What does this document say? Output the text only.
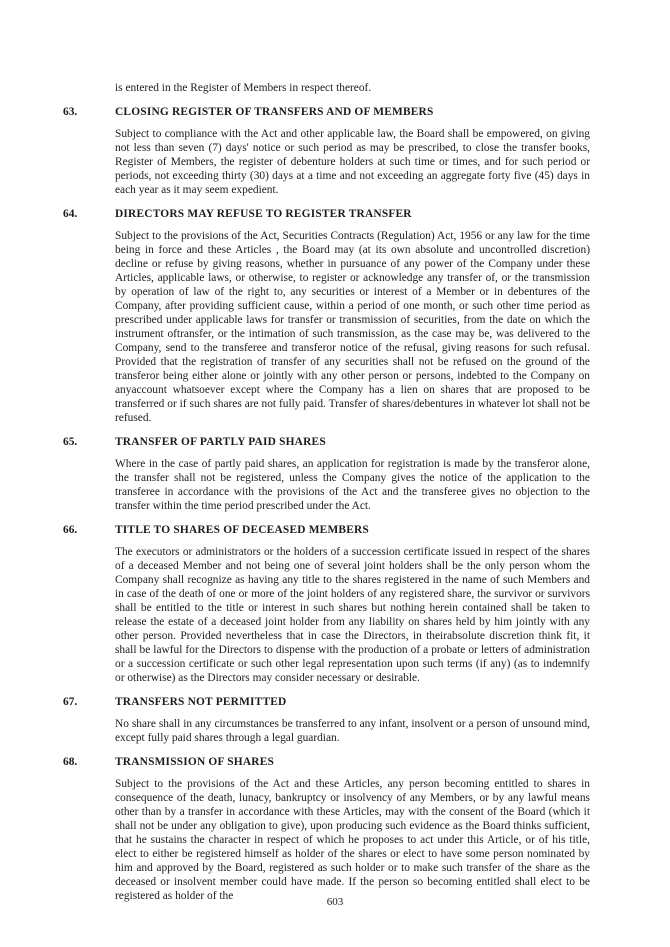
is entered in the Register of Members in respect thereof.

63.	CLOSING REGISTER OF TRANSFERS AND OF MEMBERS

Subject to compliance with the Act and other applicable law, the Board shall be empowered, on giving not less than seven (7) days' notice or such period as may be prescribed, to close the transfer books, Register of Members, the register of debenture holders at such time or times, and for such period or periods, not exceeding thirty (30) days at a time and not exceeding an aggregate forty five (45) days in each year as it may seem expedient.

64.	DIRECTORS MAY REFUSE TO REGISTER TRANSFER

Subject to the provisions of the Act, Securities Contracts (Regulation) Act, 1956 or any law for the time being in force and these Articles , the Board may (at its own absolute and uncontrolled discretion) decline or refuse by giving reasons, whether in pursuance of any power of the Company under these Articles, applicable laws, or otherwise, to register or acknowledge any transfer of, or the transmission by operation of law of the right to, any securities or interest of a Member or in debentures of the Company, after providing sufficient cause, within a period of one month, or such other time period as prescribed under applicable laws for transfer or transmission of securities, from the date on which the instrument oftransfer, or the intimation of such transmission, as the case may be, was delivered to the Company, send to the transferee and transferor notice of the refusal, giving reasons for such refusal. Provided that the registration of transfer of any securities shall not be refused on the ground of the transferor being either alone or jointly with any other person or persons, indebted to the Company on anyaccount whatsoever except where the Company has a lien on shares that are proposed to be transferred or if such shares are not fully paid. Transfer of shares/debentures in whatever lot shall not be refused.

65.	TRANSFER OF PARTLY PAID SHARES

Where in the case of partly paid shares, an application for registration is made by the transferor alone, the transfer shall not be registered, unless the Company gives the notice of the application to the transferee in accordance with the provisions of the Act and the transferee gives no objection to the transfer within the time period prescribed under the Act.

66.	TITLE TO SHARES OF DECEASED MEMBERS

The executors or administrators or the holders of a succession certificate issued in respect of the shares of a deceased Member and not being one of several joint holders shall be the only person whom the Company shall recognize as having any title to the shares registered in the name of such Members and in case of the death of one or more of the joint holders of any registered share, the survivor or survivors shall be entitled to the title or interest in such shares but nothing herein contained shall be taken to release the estate of a deceased joint holder from any liability on shares held by him jointly with any other person. Provided nevertheless that in case the Directors, in theirabsolute discretion think fit, it shall be lawful for the Directors to dispense with the production of a probate or letters of administration or a succession certificate or such other legal representation upon such terms (if any) (as to indemnify or otherwise) as the Directors may consider necessary or desirable.

67.	TRANSFERS NOT PERMITTED

No share shall in any circumstances be transferred to any infant, insolvent or a person of unsound mind, except fully paid shares through a legal guardian.

68.	TRANSMISSION OF SHARES

Subject to the provisions of the Act and these Articles, any person becoming entitled to shares in consequence of the death, lunacy, bankruptcy or insolvency of any Members, or by any lawful means other than by a transfer in accordance with these Articles, may with the consent of the Board (which it shall not be under any obligation to give), upon producing such evidence as the Board thinks sufficient, that he sustains the character in respect of which he proposes to act under this Article, or of his title, elect to either be registered himself as holder of the shares or elect to have some person nominated by him and approved by the Board, registered as such holder or to make such transfer of the share as the deceased or insolvent member could have made. If the person so becoming entitled shall elect to be registered as holder of the	603
